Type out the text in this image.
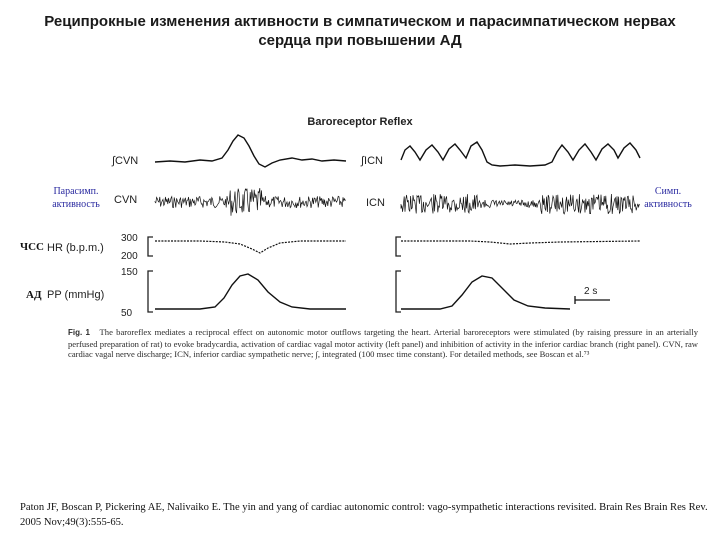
Реципрокные изменения активности в симпатическом и парасимпатическом нервах сердца при повышении АД
Baroreceptor Reflex
Парасимп.
активность
ЧСС
АД
Симп.
активность
∫CVN
CVN
∫ICN
ICN
HR (b.p.m.)
PP (mmHg)
300
200
150
50
2 s
Fig. 1 The baroreflex mediates a reciprocal effect on autonomic motor outflows targeting the heart. Arterial baroreceptors were stimulated (by raising pressure in an arterially perfused preparation of rat) to evoke bradycardia, activation of cardiac vagal motor activity (left panel) and inhibition of activity in the inferior cardiac branch (right panel). CVN, raw cardiac vagal nerve discharge; ICN, inferior cardiac sympathetic nerve; ∫, integrated (100 msec time constant). For detailed methods, see Boscan et al.⁷³
Paton JF, Boscan P, Pickering AE, Nalivaiko E. The yin and yang of cardiac autonomic control: vago-sympathetic interactions revisited. Brain Res Brain Res Rev. 2005 Nov;49(3):555-65.
